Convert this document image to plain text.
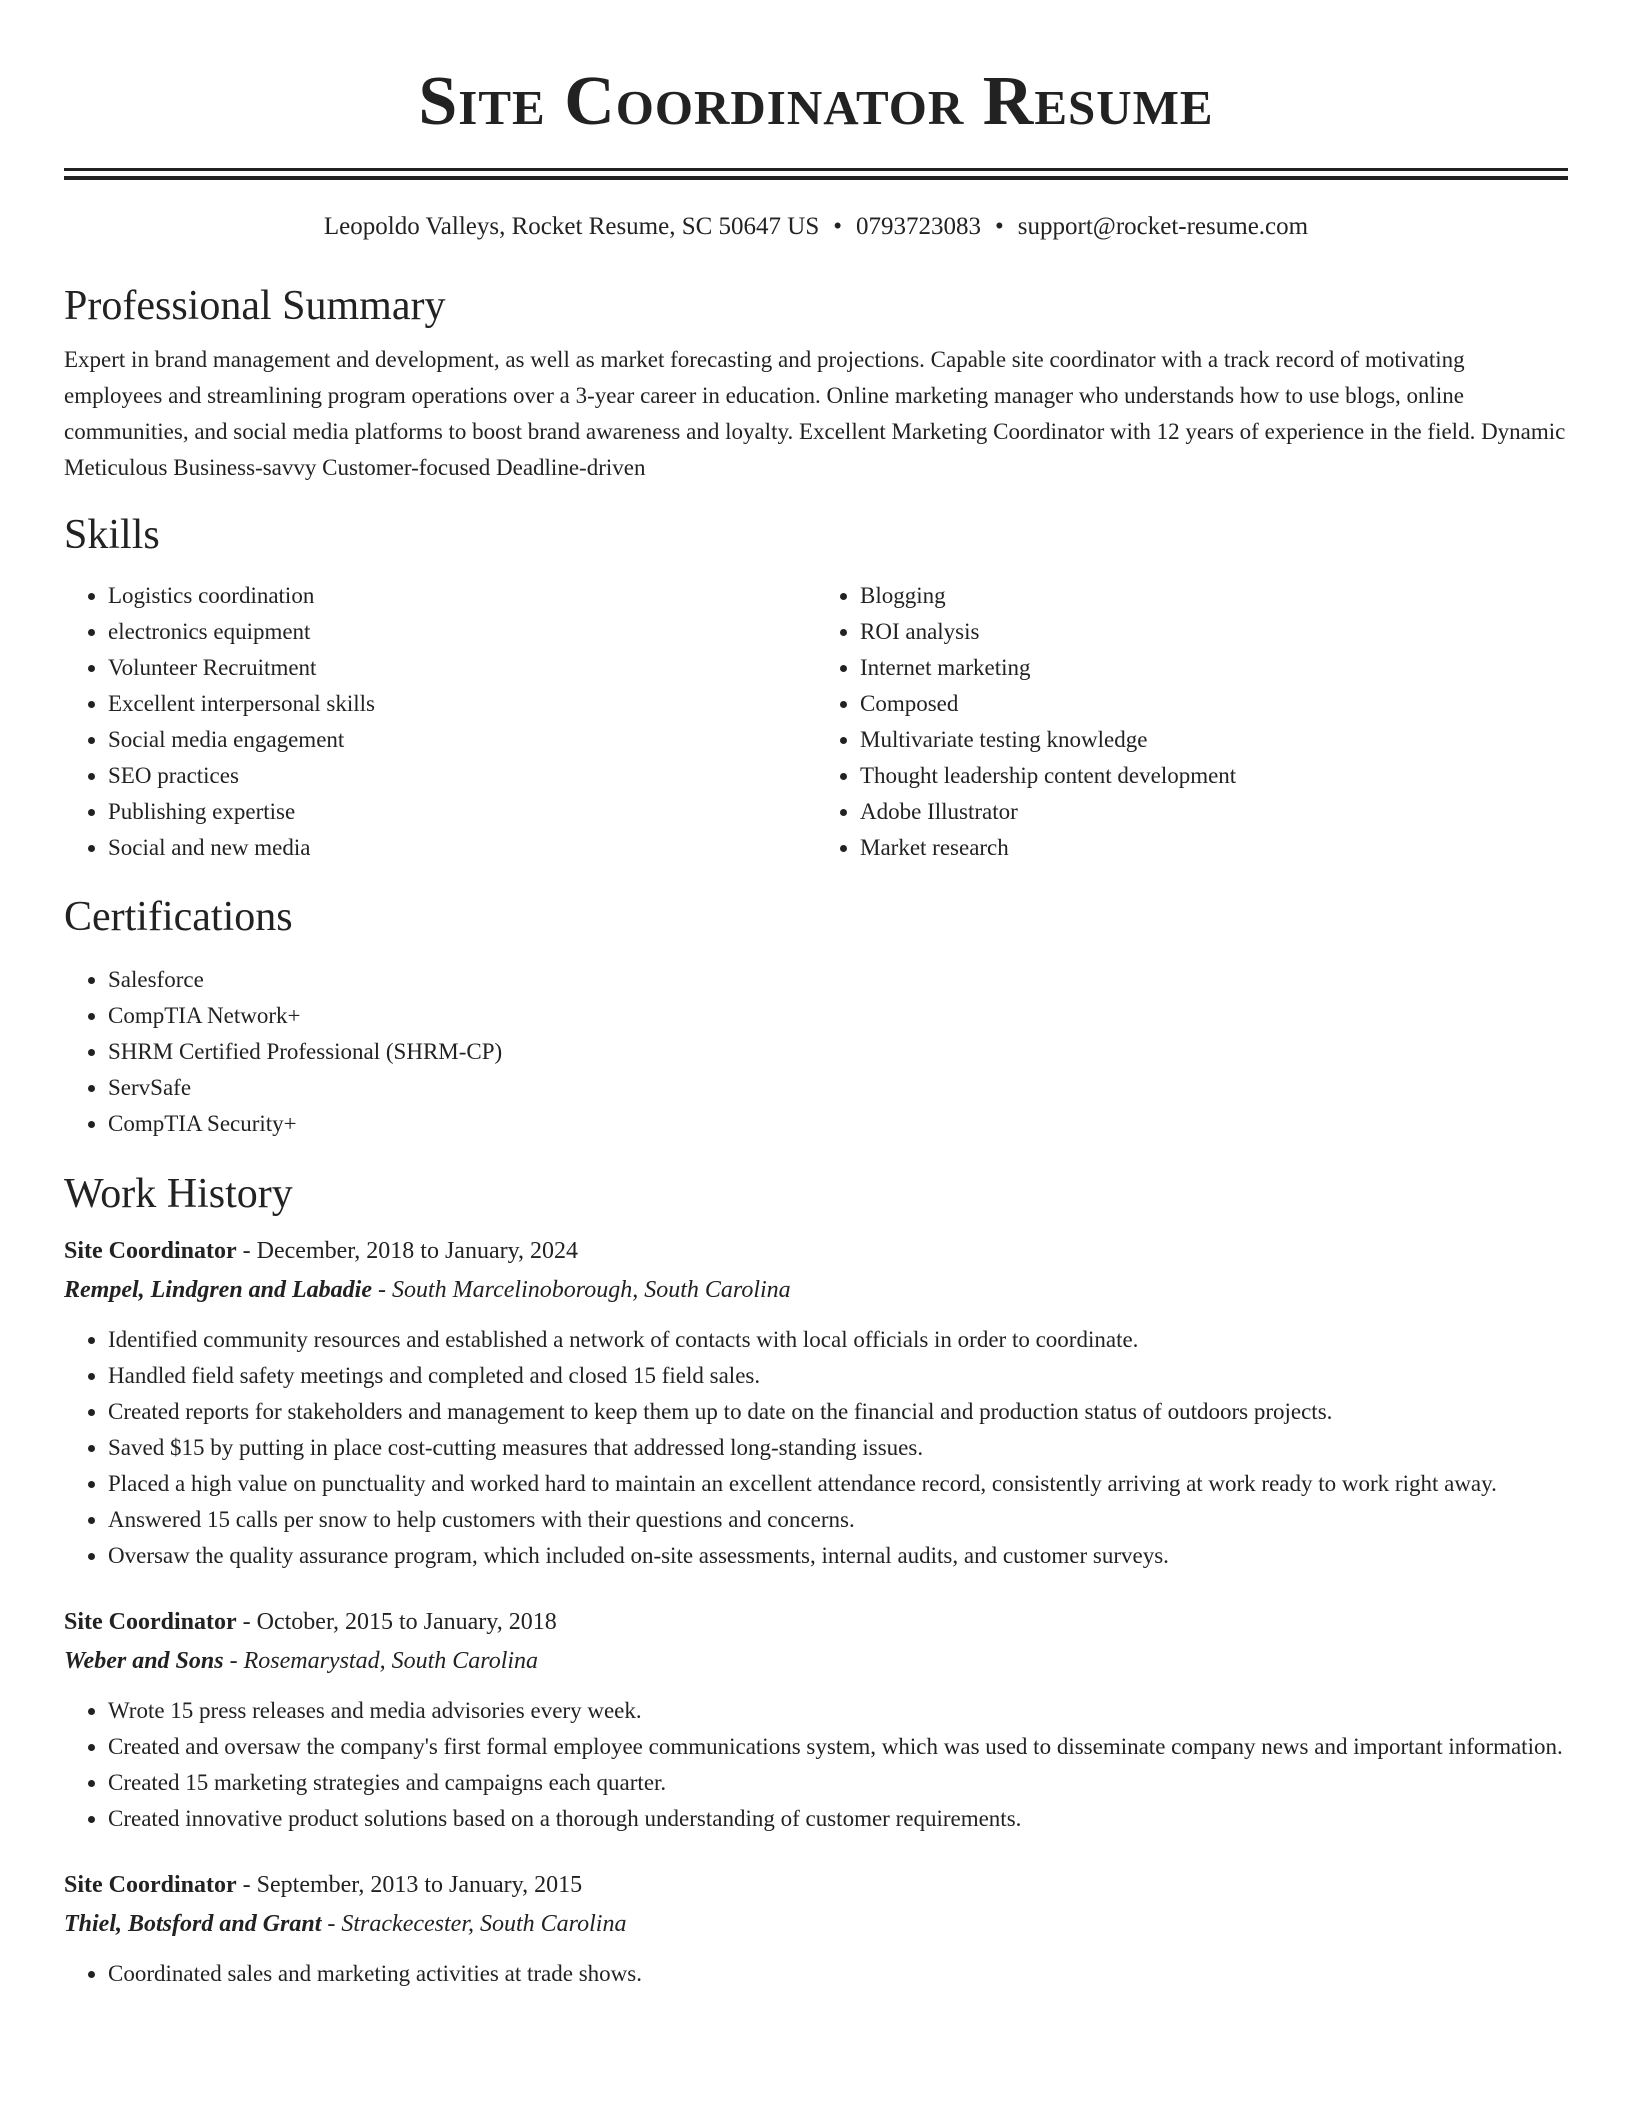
Site Coordinator Resume
Leopoldo Valleys, Rocket Resume, SC 50647 US • 0793723083 • support@rocket-resume.com
Professional Summary

Expert in brand management and development, as well as market forecasting and projections. Capable site coordinator with a track record of motivating employees and streamlining program operations over a 3-year career in education. Online marketing manager who understands how to use blogs, online communities, and social media platforms to boost brand awareness and loyalty. Excellent Marketing Coordinator with 12 years of experience in the field. Dynamic Meticulous Business-savvy Customer-focused Deadline-driven

Skills
• Logistics coordination
• electronics equipment
• Volunteer Recruitment
• Excellent interpersonal skills
• Social media engagement
• SEO practices
• Publishing expertise
• Social and new media
• Blogging
• ROI analysis
• Internet marketing
• Composed
• Multivariate testing knowledge
• Thought leadership content development
• Adobe Illustrator
• Market research
Certifications
• Salesforce
• CompTIA Network+
• SHRM Certified Professional (SHRM-CP)
• ServSafe
• CompTIA Security+
Work History
Site Coordinator - December, 2018 to January, 2024
Rempel, Lindgren and Labadie - South Marcelinoborough, South Carolina
• Identified community resources and established a network of contacts with local officials in order to coordinate.
• Handled field safety meetings and completed and closed 15 field sales.
• Created reports for stakeholders and management to keep them up to date on the financial and production status of outdoors projects.
• Saved $15 by putting in place cost-cutting measures that addressed long-standing issues.
• Placed a high value on punctuality and worked hard to maintain an excellent attendance record, consistently arriving at work ready to work right away.
• Answered 15 calls per snow to help customers with their questions and concerns.
• Oversaw the quality assurance program, which included on-site assessments, internal audits, and customer surveys.
Site Coordinator - October, 2015 to January, 2018
Weber and Sons - Rosemarystad, South Carolina
• Wrote 15 press releases and media advisories every week.
• Created and oversaw the company's first formal employee communications system, which was used to disseminate company news and important information.
• Created 15 marketing strategies and campaigns each quarter.
• Created innovative product solutions based on a thorough understanding of customer requirements.
Site Coordinator - September, 2013 to January, 2015
Thiel, Botsford and Grant - Strackecester, South Carolina
• Coordinated sales and marketing activities at trade shows.
